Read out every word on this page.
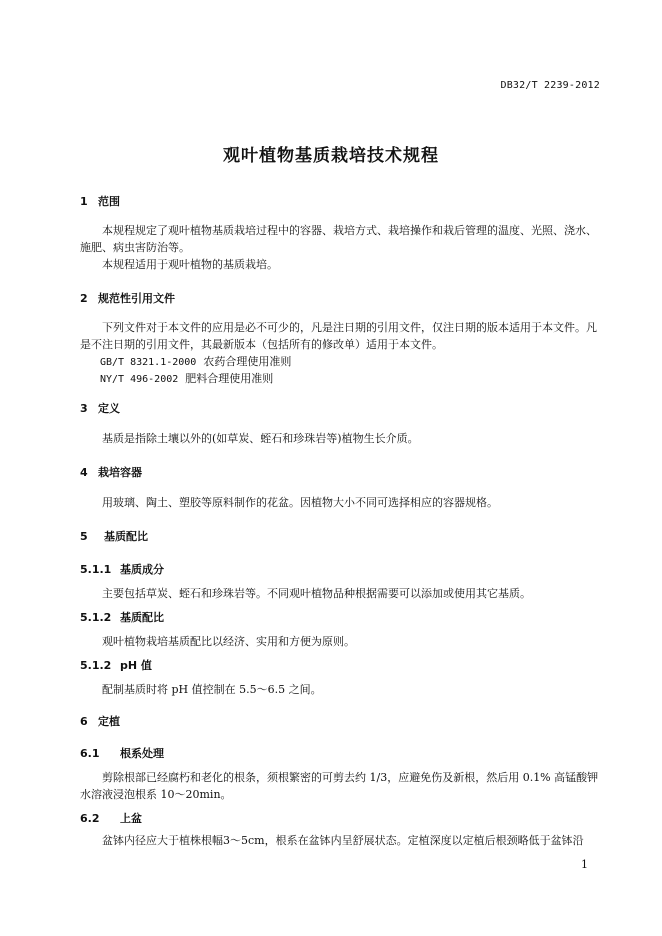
DB32/T 2239-2012
观叶植物基质栽培技术规程
1 范围
本规程规定了观叶植物基质栽培过程中的容器、栽培方式、栽培操作和栽后管理的温度、光照、浇水、施肥、病虫害防治等。
本规程适用于观叶植物的基质栽培。
2 规范性引用文件
下列文件对于本文件的应用是必不可少的，凡是注日期的引用文件，仅注日期的版本适用于本文件。凡是不注日期的引用文件，其最新版本（包括所有的修改单）适用于本文件。
GB/T 8321.1-2000 农药合理使用准则
NY/T 496-2002 肥料合理使用准则
3 定义
基质是指除土壤以外的(如草炭、蛭石和珍珠岩等)植物生长介质。
4 栽培容器
用玻璃、陶土、塑胶等原料制作的花盆。因植物大小不同可选择相应的容器规格。
5 基质配比
5.1.1 基质成分
主要包括草炭、蛭石和珍珠岩等。不同观叶植物品种根据需要可以添加或使用其它基质。
5.1.2 基质配比
观叶植物栽培基质配比以经济、实用和方便为原则。
5.1.2 pH 值
配制基质时将 pH 值控制在 5.5～6.5 之间。
6 定植
6.1 根系处理
剪除根部已经腐朽和老化的根条，须根繁密的可剪去约 1/3，应避免伤及新根，然后用 0.1% 高锰酸钾水溶液浸泡根系 10～20min。
6.2 上盆
盆钵内径应大于植株根幅3～5cm，根系在盆钵内呈舒展状态。定植深度以定植后根颈略低于盆钵沿
1
